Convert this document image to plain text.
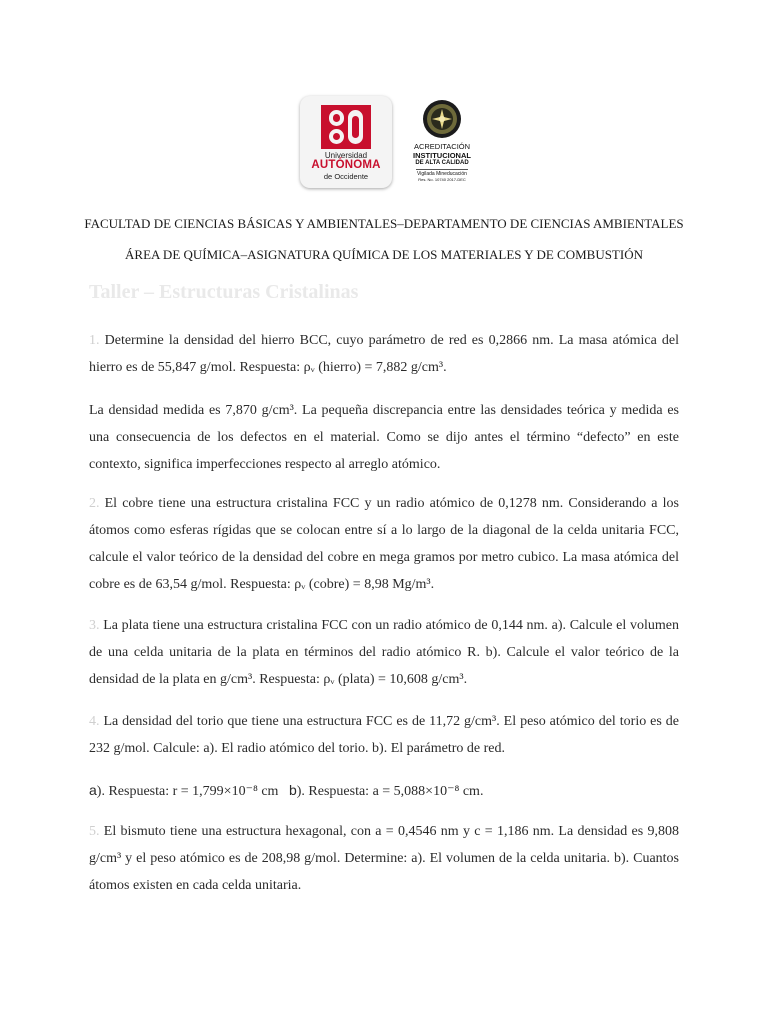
Universidad
AUTÓNOMA
de Occidente
ACREDITACIÓN
INSTITUCIONAL
DE ALTA CALIDAD
Vigilada Mineducación
Res. No. 10740 2017-DEC
FACULTAD DE CIENCIAS BÁSICAS Y AMBIENTALES–DEPARTAMENTO DE CIENCIAS AMBIENTALES
ÁREA DE QUÍMICA–ASIGNATURA QUÍMICA DE LOS MATERIALES Y DE COMBUSTIÓN
Taller – Estructuras Cristalinas

1. Determine la densidad del hierro BCC, cuyo parámetro de red es 0,2866 nm. La masa atómica del hierro es de 55,847 g/mol. Respuesta: ρᵥ (hierro) = 7,882 g/cm³.

La densidad medida es 7,870 g/cm³. La pequeña discrepancia entre las densidades teórica y medida es una consecuencia de los defectos en el material. Como se dijo antes el término “defecto” en este contexto, significa imperfecciones respecto al arreglo atómico.

2. El cobre tiene una estructura cristalina FCC y un radio atómico de 0,1278 nm. Considerando a los átomos como esferas rígidas que se colocan entre sí a lo largo de la diagonal de la celda unitaria FCC, calcule el valor teórico de la densidad del cobre en mega gramos por metro cubico. La masa atómica del cobre es de 63,54 g/mol. Respuesta: ρᵥ (cobre) = 8,98 Mg/m³.

3. La plata tiene una estructura cristalina FCC con un radio atómico de 0,144 nm. a). Calcule el volumen de una celda unitaria de la plata en términos del radio atómico R. b). Calcule el valor teórico de la densidad de la plata en g/cm³. Respuesta: ρᵥ (plata) = 10,608 g/cm³.

4. La densidad del torio que tiene una estructura FCC es de 11,72 g/cm³. El peso atómico del torio es de 232 g/mol. Calcule: a). El radio atómico del torio. b). El parámetro de red.

a). Respuesta: r = 1,799×10⁻⁸ cm b). Respuesta: a = 5,088×10⁻⁸ cm.

5. El bismuto tiene una estructura hexagonal, con a = 0,4546 nm y c = 1,186 nm. La densidad es 9,808 g/cm³ y el peso atómico es de 208,98 g/mol. Determine: a). El volumen de la celda unitaria. b). Cuantos átomos existen en cada celda unitaria.
